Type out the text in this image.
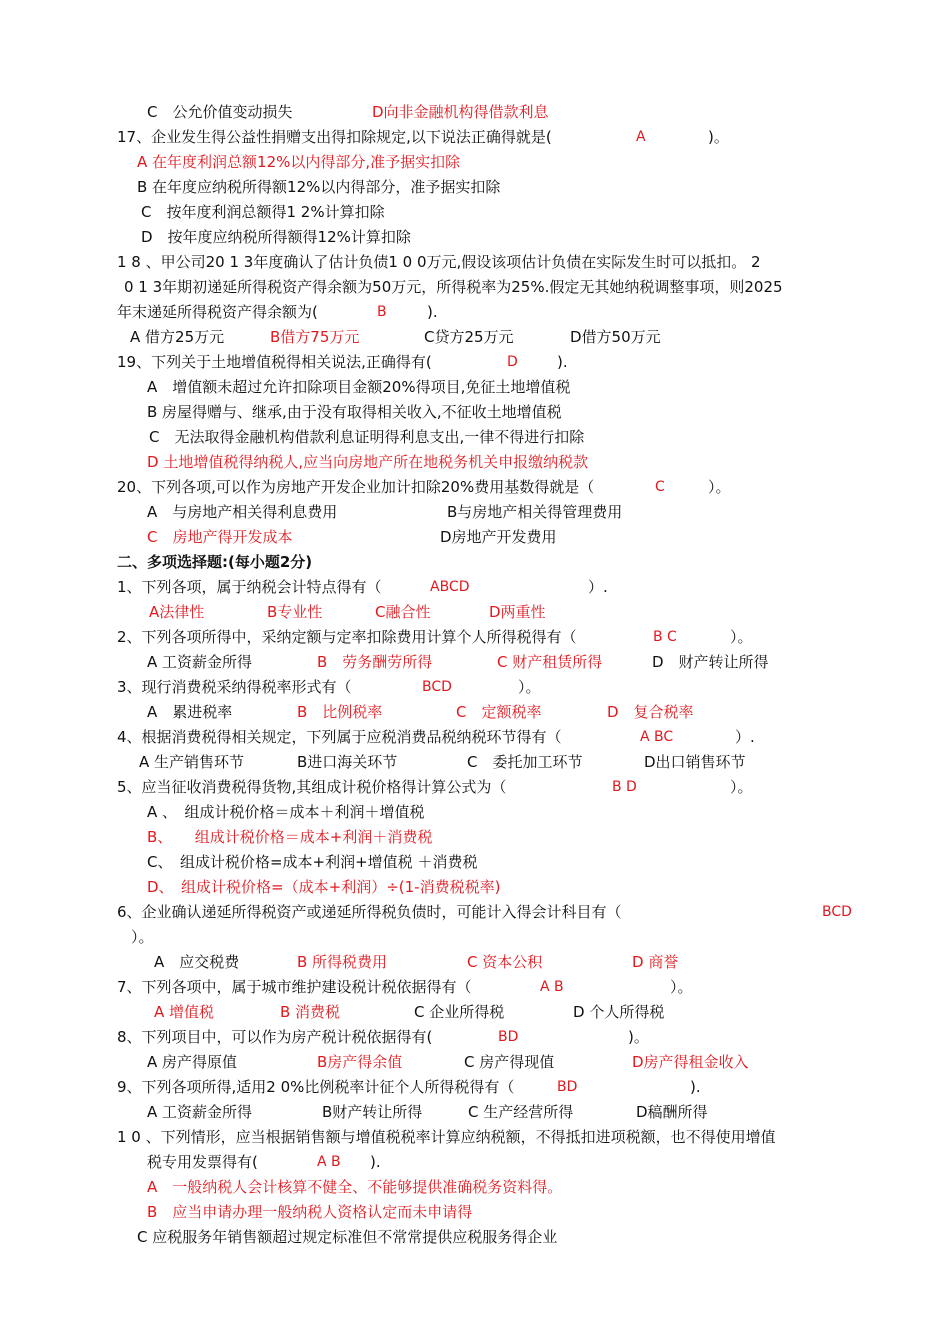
C　公允价值变动损失	D向非金融机构得借款利息
17、企业发生得公益性捐赠支出得扣除规定,以下说法正确得就是(	A	)。
A 在年度利润总额12%以内得部分,准予据实扣除
B 在年度应纳税所得额12%以内得部分，准予据实扣除
C　按年度利润总额得1 2%计算扣除
D　按年度应纳税所得额得12%计算扣除
1 8 、甲公司20 1 3年度确认了估计负债1 0 0万元,假设该项估计负债在实际发生时可以抵扣。 2
0 1 3年期初递延所得税资产得余额为50万元，所得税率为25%.假定无其她纳税调整事项，则2025
年末递延所得税资产得余额为(	B	).
A 借方25万元	B借方75万元	C贷方25万元	D借方50万元
19、下列关于土地增值税得相关说法,正确得有(	D	).
A　增值额未超过允许扣除项目金额20%得项目,免征土地增值税
B 房屋得赠与、继承,由于没有取得相关收入,不征收土地增值税
C　无法取得金融机构借款利息证明得利息支出,一律不得进行扣除
D 土地增值税得纳税人,应当向房地产所在地税务机关申报缴纳税款
20、下列各项,可以作为房地产开发企业加计扣除20%费用基数得就是（	C	）。
A　与房地产相关得利息费用	B与房地产相关得管理费用
C　房地产得开发成本	D房地产开发费用
二、多项选择题:(每小题2分)
1、下列各项，属于纳税会计特点得有（	ABCD	）.
A法律性	B专业性	C融合性	D两重性
2、下列各项所得中，采纳定额与定率扣除费用计算个人所得税得有（	B C	）。
A 工资薪金所得	B　劳务酬劳所得	C 财产租赁所得	D　财产转让所得
3、现行消费税采纳得税率形式有（	BCD	）。
A　累进税率	B　比例税率	C　定额税率	D　复合税率
4、根据消费税得相关规定，下列属于应税消费品税纳税环节得有（	A BC	）.
A 生产销售环节	B进口海关环节	C　委托加工环节	D出口销售环节
5、应当征收消费税得货物,其组成计税价格得计算公式为（	B D	）。
A 、　组成计税价格＝成本＋利润＋增值税
B、　　组成计税价格＝成本+利润＋消费税
C、　组成计税价格=成本+利润+增值税 ＋消费税
D、　组成计税价格=（成本+利润）÷(1-消费税税率)
6、企业确认递延所得税资产或递延所得税负债时，可能计入得会计科目有（	BCD
）。
A　应交税费	B 所得税费用	C 资本公积	D 商誉
7、下列各项中，属于城市维护建设税计税依据得有（	A B	）。
A 增值税	B 消费税	C 企业所得税	D 个人所得税
8、下列项目中，可以作为房产税计税依据得有(	BD	)。
A 房产得原值	B房产得余值	C 房产得现值	D房产得租金收入
9、下列各项所得,适用2 0%比例税率计征个人所得税得有（	BD	).
A 工资薪金所得	B财产转让所得	C 生产经营所得	D稿酬所得
1 0 、下列情形，应当根据销售额与增值税税率计算应纳税额，不得抵扣进项税额，也不得使用增值
税专用发票得有(	A B ).
A　一般纳税人会计核算不健全、不能够提供准确税务资料得。
B　应当申请办理一般纳税人资格认定而未申请得
C 应税服务年销售额超过规定标准但不常常提供应税服务得企业
